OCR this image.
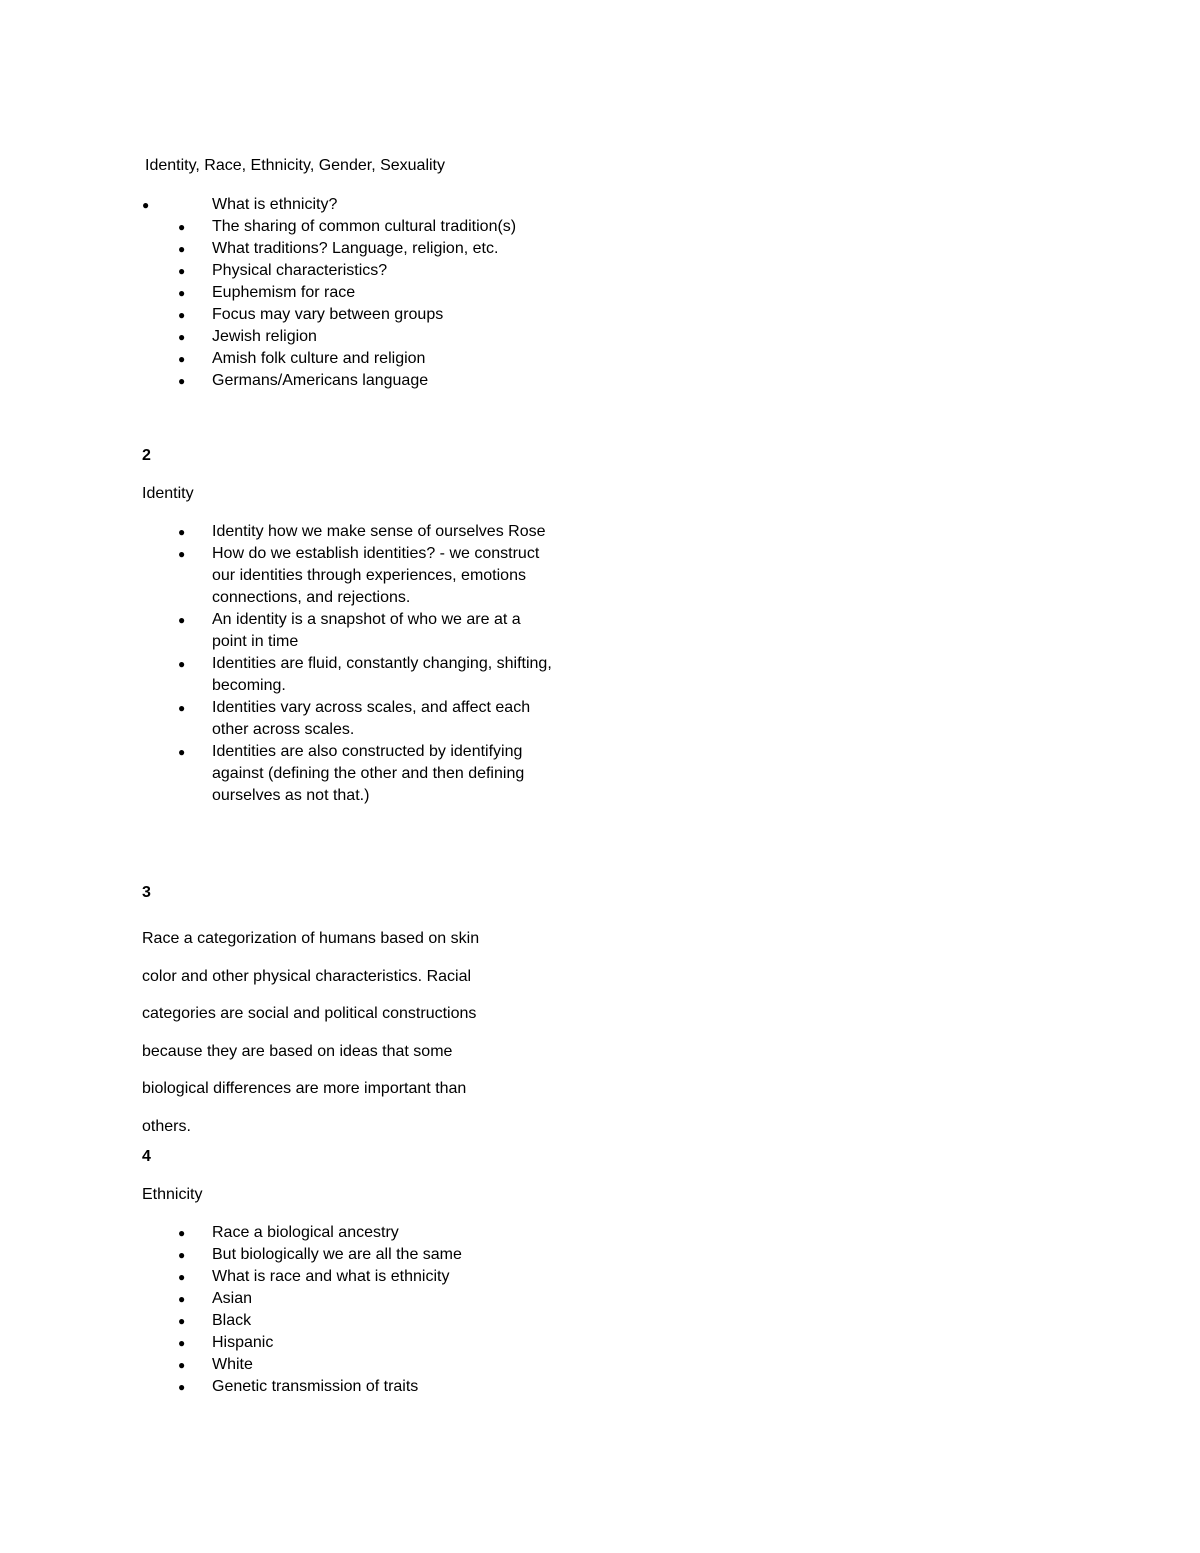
Identity, Race, Ethnicity, Gender, Sexuality
●	What is ethnicity?
● The sharing of common cultural tradition(s)
● What traditions? Language, religion, etc.
● Physical characteristics?
● Euphemism for race
● Focus may vary between groups
● Jewish religion
● Amish folk culture and religion
● Germans/Americans language
2
Identity
● Identity how we make sense of ourselves Rose
● How do we establish identities? - we construct our identities through experiences, emotions connections, and rejections.
● An identity is a snapshot of who we are at a point in time
● Identities are fluid, constantly changing, shifting, becoming.
● Identities vary across scales, and affect each other across scales.
● Identities are also constructed by identifying against (defining the other and then defining ourselves as not that.)
3
Race a categorization of humans based on skin
color and other physical characteristics. Racial
categories are social and political constructions
because they are based on ideas that some
biological differences are more important than
others.
4
Ethnicity
● Race a biological ancestry
● But biologically we are all the same
● What is race and what is ethnicity
● Asian
● Black
● Hispanic
● White
● Genetic transmission of traits
